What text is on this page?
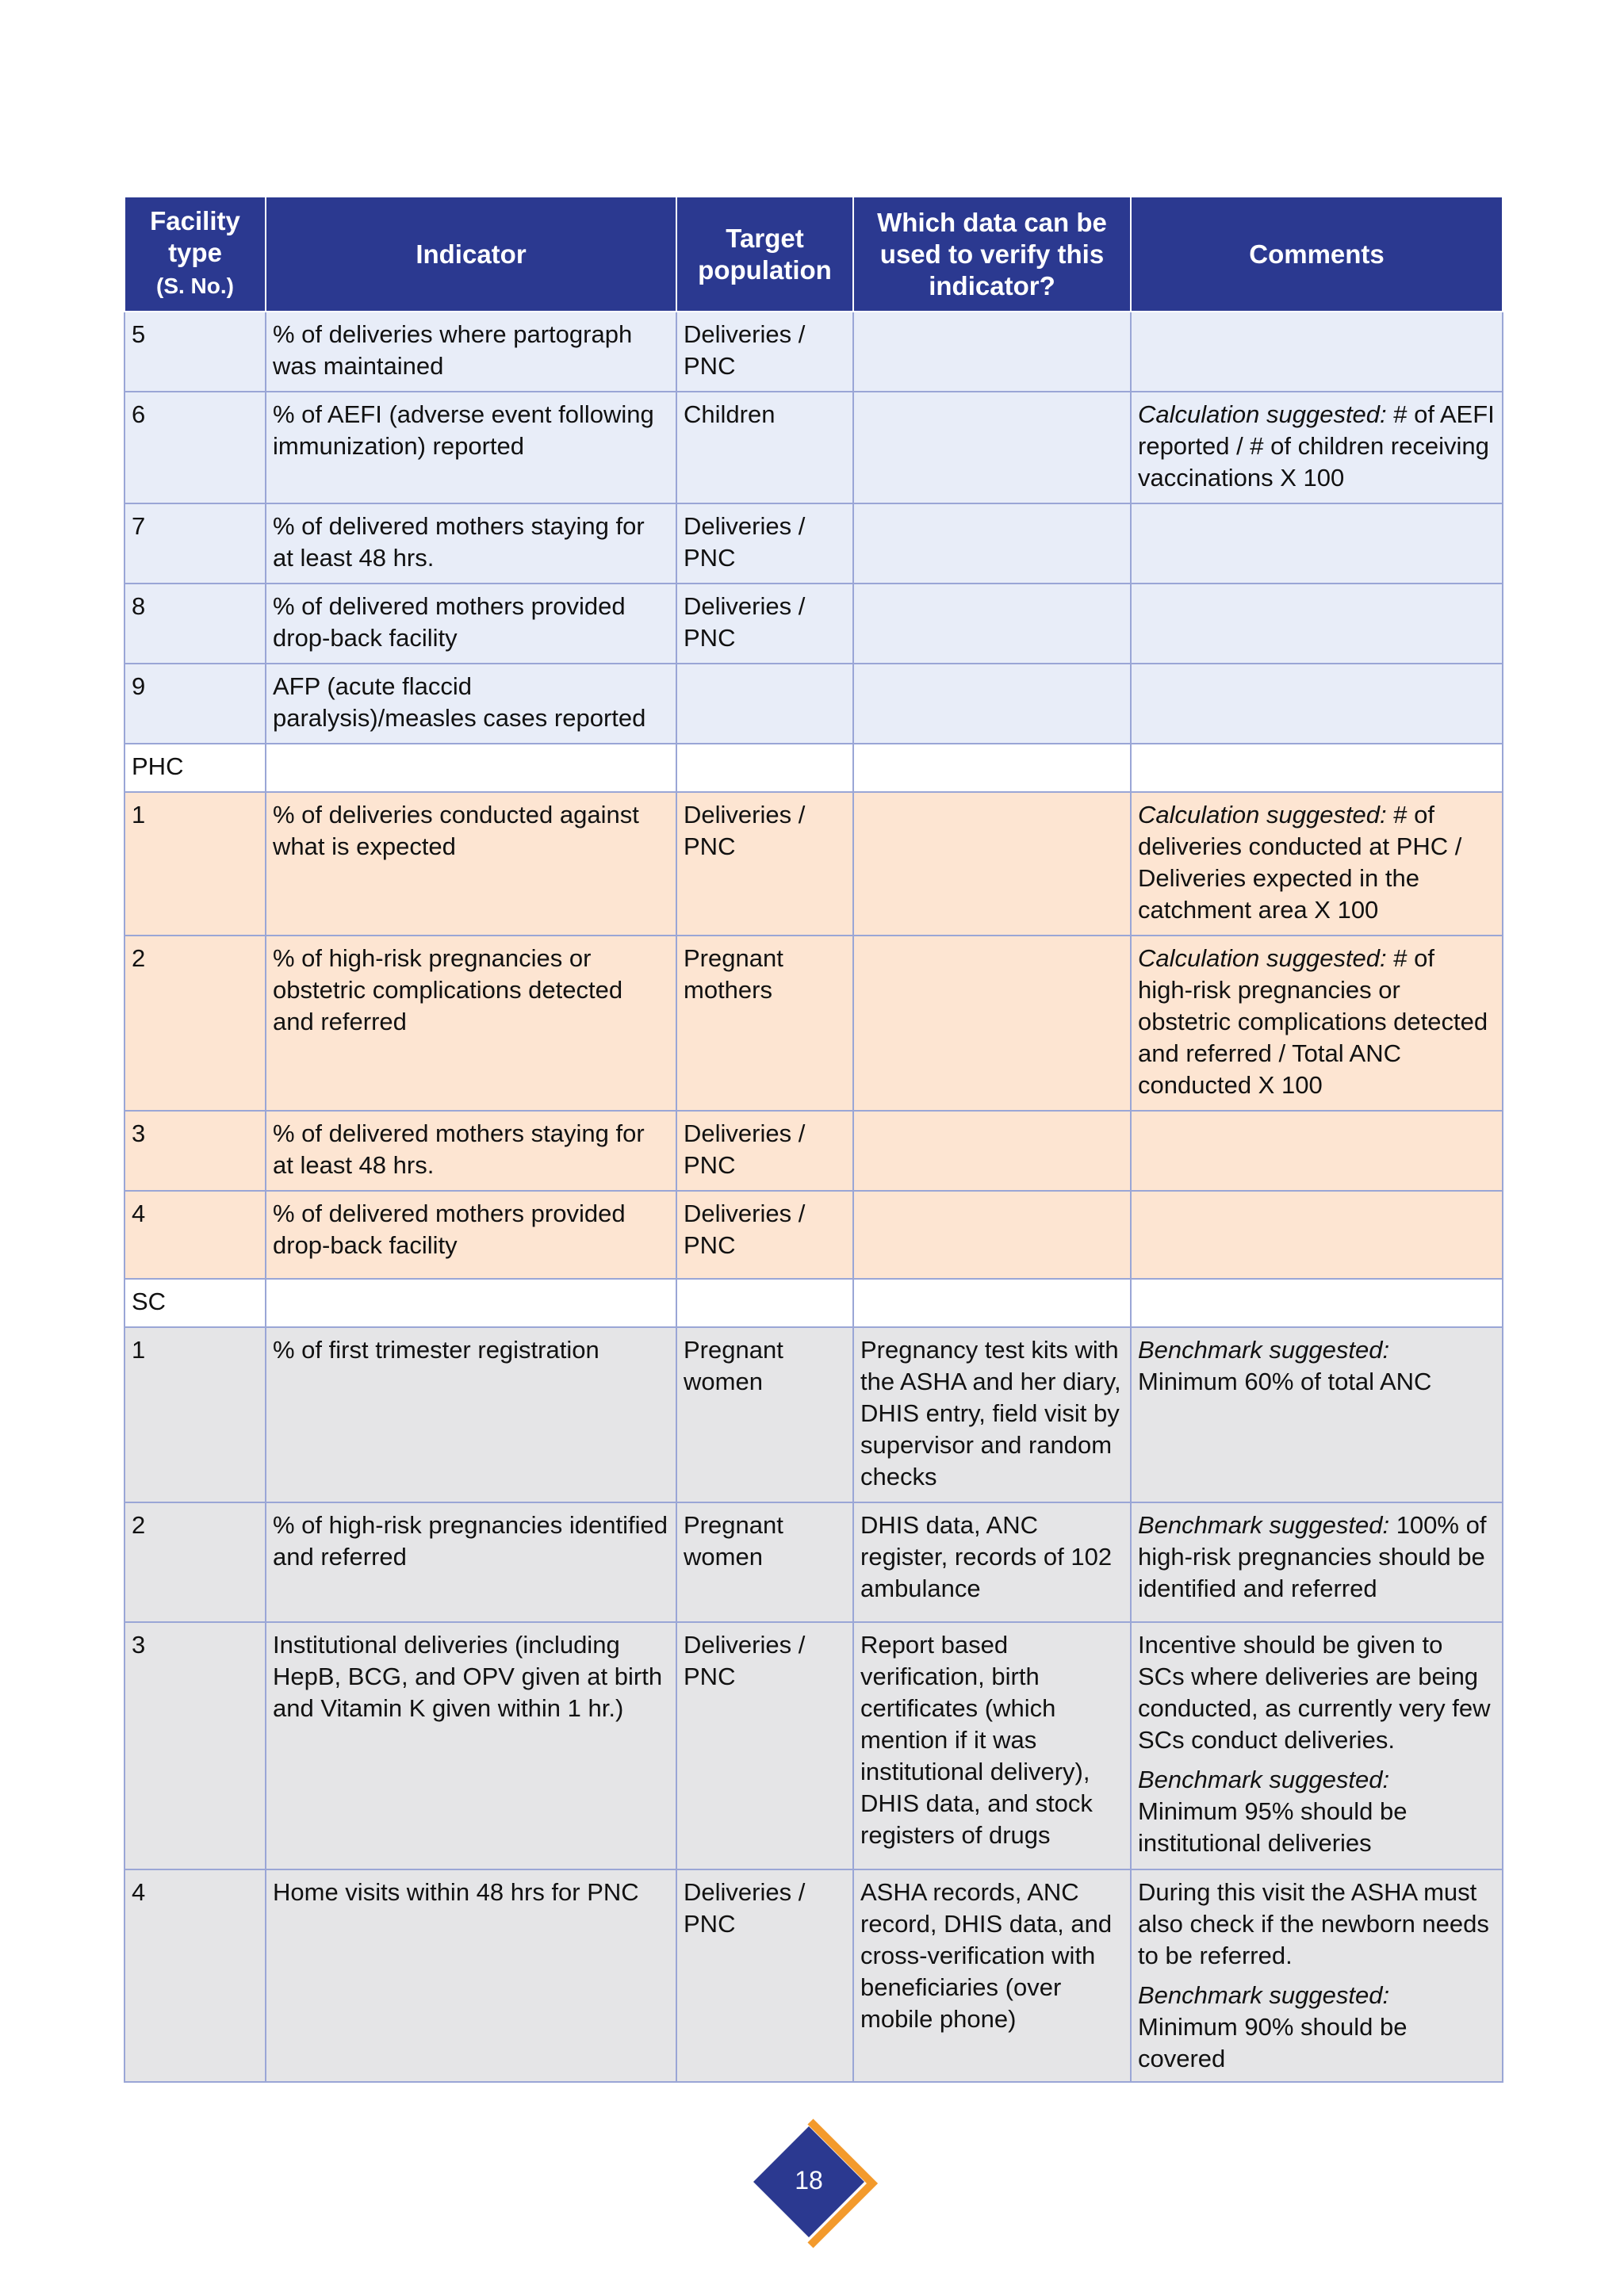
Facility type
(S. No.)	Indicator	Target population	Which data can be used to verify this indicator?	Comments
5	% of deliveries where partograph was maintained	Deliveries / PNC		
6	% of AEFI (adverse event following immunization) reported	Children		Calculation suggested: # of AEFI reported / # of children receiving vaccinations X 100
7	% of delivered mothers staying for at least 48 hrs.	Deliveries / PNC		
8	% of delivered mothers provided drop-back facility	Deliveries / PNC		
9	AFP (acute flaccid paralysis)/measles cases reported			
PHC				
1	% of deliveries conducted against what is expected	Deliveries / PNC		Calculation suggested: # of deliveries conducted at PHC / Deliveries expected in the catchment area X 100
2	% of high-risk pregnancies or obstetric complications detected and referred	Pregnant mothers		Calculation suggested: # of high-risk pregnancies or obstetric complications detected and referred / Total ANC conducted X 100
3	% of delivered mothers staying for at least 48 hrs.	Deliveries / PNC		
4	% of delivered mothers provided drop-back facility	Deliveries / PNC		
SC				
1	% of first trimester registration	Pregnant women	Pregnancy test kits with the ASHA and her diary, DHIS entry, field visit by supervisor and random checks	Benchmark suggested: Minimum 60% of total ANC
2	% of high-risk pregnancies identified and referred	Pregnant women	DHIS data, ANC register, records of 102 ambulance	Benchmark suggested: 100% of high-risk pregnancies should be identified and referred
3	Institutional deliveries (including HepB, BCG, and OPV given at birth and Vitamin K given within 1 hr.)	Deliveries / PNC	Report based verification, birth certificates (which mention if it was institutional delivery), DHIS data, and stock registers of drugs	Incentive should be given to SCs where deliveries are being conducted, as currently very few SCs conduct deliveries.
Benchmark suggested: Minimum 95% should be institutional deliveries
4	Home visits within 48 hrs for PNC	Deliveries / PNC	ASHA records, ANC record, DHIS data, and cross-verification with beneficiaries (over mobile phone)	During this visit the ASHA must also check if the newborn needs to be referred.
Benchmark suggested: Minimum 90% should be covered
18
